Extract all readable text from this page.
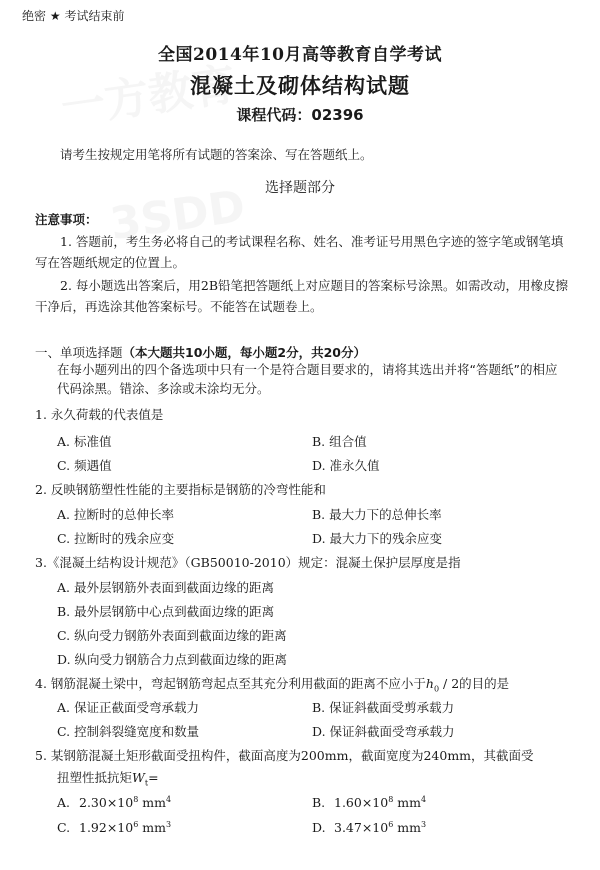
一方教育
3SDD
绝密 ★ 考试结束前
全国2014年10月高等教育自学考试
混凝土及砌体结构试题
课程代码：02396
请考生按规定用笔将所有试题的答案涂、写在答题纸上。
选择题部分
注意事项：
1. 答题前，考生务必将自己的考试课程名称、姓名、准考证号用黑色字迹的签字笔或钢笔填写在答题纸规定的位置上。
2. 每小题选出答案后，用2B铅笔把答题纸上对应题目的答案标号涂黑。如需改动，用橡皮擦干净后，再选涂其他答案标号。不能答在试题卷上。
一、单项选择题（本大题共10小题，每小题2分，共20分）
在每小题列出的四个备选项中只有一个是符合题目要求的，请将其选出并将“答题纸”的相应代码涂黑。错涂、多涂或未涂均无分。
1. 永久荷载的代表值是
A. 标准值	B. 组合值
C. 频遇值	D. 准永久值
2. 反映钢筋塑性性能的主要指标是钢筋的冷弯性能和
A. 拉断时的总伸长率	B. 最大力下的总伸长率
C. 拉断时的残余应变	D. 最大力下的残余应变
3.《混凝土结构设计规范》（GB50010-2010）规定：混凝土保护层厚度是指
A. 最外层钢筋外表面到截面边缘的距离
B. 最外层钢筋中心点到截面边缘的距离
C. 纵向受力钢筋外表面到截面边缘的距离
D. 纵向受力钢筋合力点到截面边缘的距离
4. 钢筋混凝土梁中，弯起钢筋弯起点至其充分利用截面的距离不应小于$h_0 / 2$的目的是
A. 保证正截面受弯承载力	B. 保证斜截面受剪承载力
C. 控制斜裂缝宽度和数量	D. 保证斜截面受弯承载力
5. 某钢筋混凝土矩形截面受扭构件，截面高度为200mm，截面宽度为240mm，其截面受
扭塑性抵抗矩$W_t=$
A. $2.30\times 10^8$ $mm^4$	B. $1.60\times 10^8$ $mm^4$
C. $1.92\times 10^6$ $mm^3$	D. $3.47\times 10^6$ $mm^3$
